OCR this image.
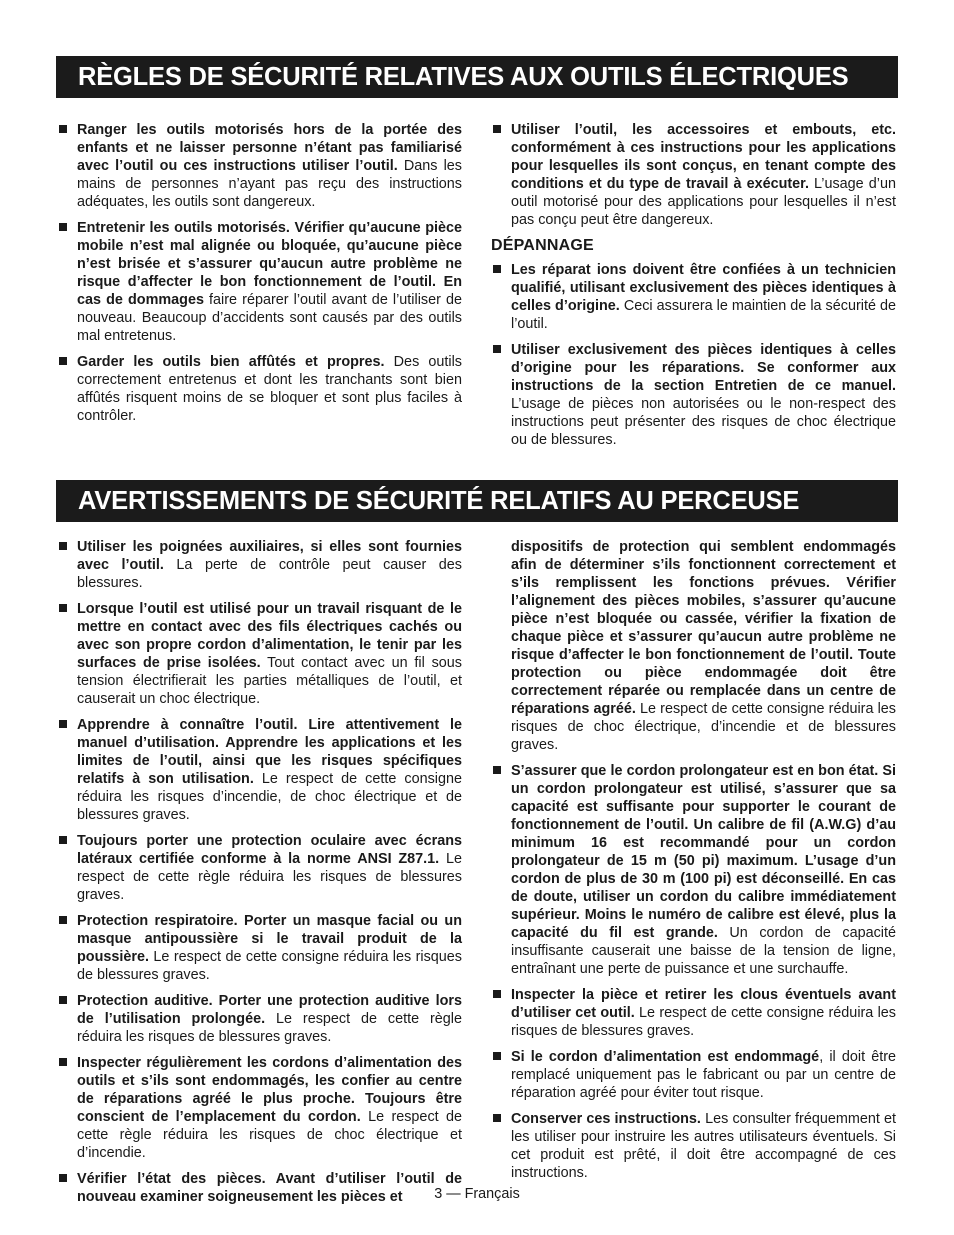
RÈGLES DE SÉCURITÉ RELATIVES AUX OUTILS ÉLECTRIQUES
Ranger les outils motorisés hors de la portée des enfants et ne laisser personne n’étant pas familiarisé avec l’outil ou ces instructions utiliser l’outil. Dans les mains de personnes n’ayant pas reçu des instructions adéquates, les outils sont dangereux.
Entretenir les outils motorisés. Vérifier qu’aucune pièce mobile n’est mal alignée ou bloquée, qu’aucune pièce n’est brisée et s’assurer qu’aucun autre problème ne risque d’affecter le bon fonctionnement de l’outil. En cas de dommages faire réparer l’outil avant de l’utiliser de nouveau. Beaucoup d’accidents sont causés par des outils mal entretenus.
Garder les outils bien affûtés et propres. Des outils correctement entretenus et dont les tranchants sont bien affûtés risquent moins de se bloquer et sont plus faciles à contrôler.
Utiliser l’outil, les accessoires et embouts, etc. conformément à ces instructions pour les applications pour lesquelles ils sont conçus, en tenant compte des conditions et du type de travail à exécuter. L’usage d’un outil motorisé pour des applications pour lesquelles il n’est pas conçu peut être dangereux.
DÉPANNAGE
Les réparat ions doivent être confiées à un technicien qualifié, utilisant exclusivement des pièces identiques à celles d’origine. Ceci assurera le maintien de la sécurité de l’outil.
Utiliser exclusivement des pièces identiques à celles d’origine pour les réparations. Se conformer aux instructions de la section Entretien de ce manuel. L’usage de pièces non autorisées ou le non-respect des instructions peut présenter des risques de choc électrique ou de blessures.
AVERTISSEMENTS DE SÉCURITÉ RELATIFS AU PERCEUSE
Utiliser les poignées auxiliaires, si elles sont fournies avec l’outil. La perte de contrôle peut causer des blessures.
Lorsque l’outil est utilisé pour un travail risquant de le mettre en contact avec des fils électriques cachés ou avec son propre cordon d’alimentation, le tenir par les surfaces de prise isolées. Tout contact avec un fil sous tension électrifierait les parties métalliques de l’outil, et causerait un choc électrique.
Apprendre à connaître l’outil. Lire attentivement le manuel d’utilisation. Apprendre les applications et les limites de l’outil, ainsi que les risques spécifiques relatifs à son utilisation. Le respect de cette consigne réduira les risques d’incendie, de choc électrique et de blessures graves.
Toujours porter une protection oculaire avec écrans latéraux certifiée conforme à la norme ANSI Z87.1. Le respect de cette règle réduira les risques de blessures graves.
Protection respiratoire. Porter un masque facial ou un masque antipoussière si le travail produit de la poussière. Le respect de cette consigne réduira les risques de blessures graves.
Protection auditive. Porter une protection auditive lors de l’utilisation prolongée. Le respect de cette règle réduira les risques de blessures graves.
Inspecter régulièrement les cordons d’alimentation des outils et s’ils sont endommagés, les confier au centre de réparations agréé le plus proche. Toujours être conscient de l’emplacement du cordon. Le respect de cette règle réduira les risques de choc électrique et d’incendie.
Vérifier l’état des pièces. Avant d’utiliser l’outil de nouveau examiner soigneusement les pièces et
dispositifs de protection qui semblent endommagés afin de déterminer s’ils fonctionnent correctement et s’ils remplissent les fonctions prévues. Vérifier l’alignement des pièces mobiles, s’assurer qu’aucune pièce n’est bloquée ou cassée, vérifier la fixation de chaque pièce et s’assurer qu’aucun autre problème ne risque d’affecter le bon fonctionnement de l’outil. Toute protection ou pièce endommagée doit être correctement réparée ou remplacée dans un centre de réparations agréé. Le respect de cette consigne réduira les risques de choc électrique, d’incendie et de blessures graves.
S’assurer que le cordon prolongateur est en bon état. Si un cordon prolongateur est utilisé, s’assurer que sa capacité est suffisante pour supporter le courant de fonctionnement de l’outil. Un calibre de fil (A.W.G) d’au minimum 16 est recommandé pour un cordon prolongateur de 15 m (50 pi) maximum. L’usage d’un cordon de plus de 30 m (100 pi) est déconseillé. En cas de doute, utiliser un cordon du calibre immédiatement supérieur. Moins le numéro de calibre est élevé, plus la capacité du fil est grande. Un cordon de capacité insuffisante causerait une baisse de la tension de ligne, entraînant une perte de puissance et une surchauffe.
Inspecter la pièce et retirer les clous éventuels avant d’utiliser cet outil. Le respect de cette consigne réduira les risques de blessures graves.
Si le cordon d’alimentation est endommagé, il doit être remplacé uniquement pas le fabricant ou par un centre de réparation agréé pour éviter tout risque.
Conserver ces instructions. Les consulter fréquemment et les utiliser pour instruire les autres utilisateurs éventuels. Si cet produit est prêté, il doit être accompagné de ces instructions.
3 — Français
